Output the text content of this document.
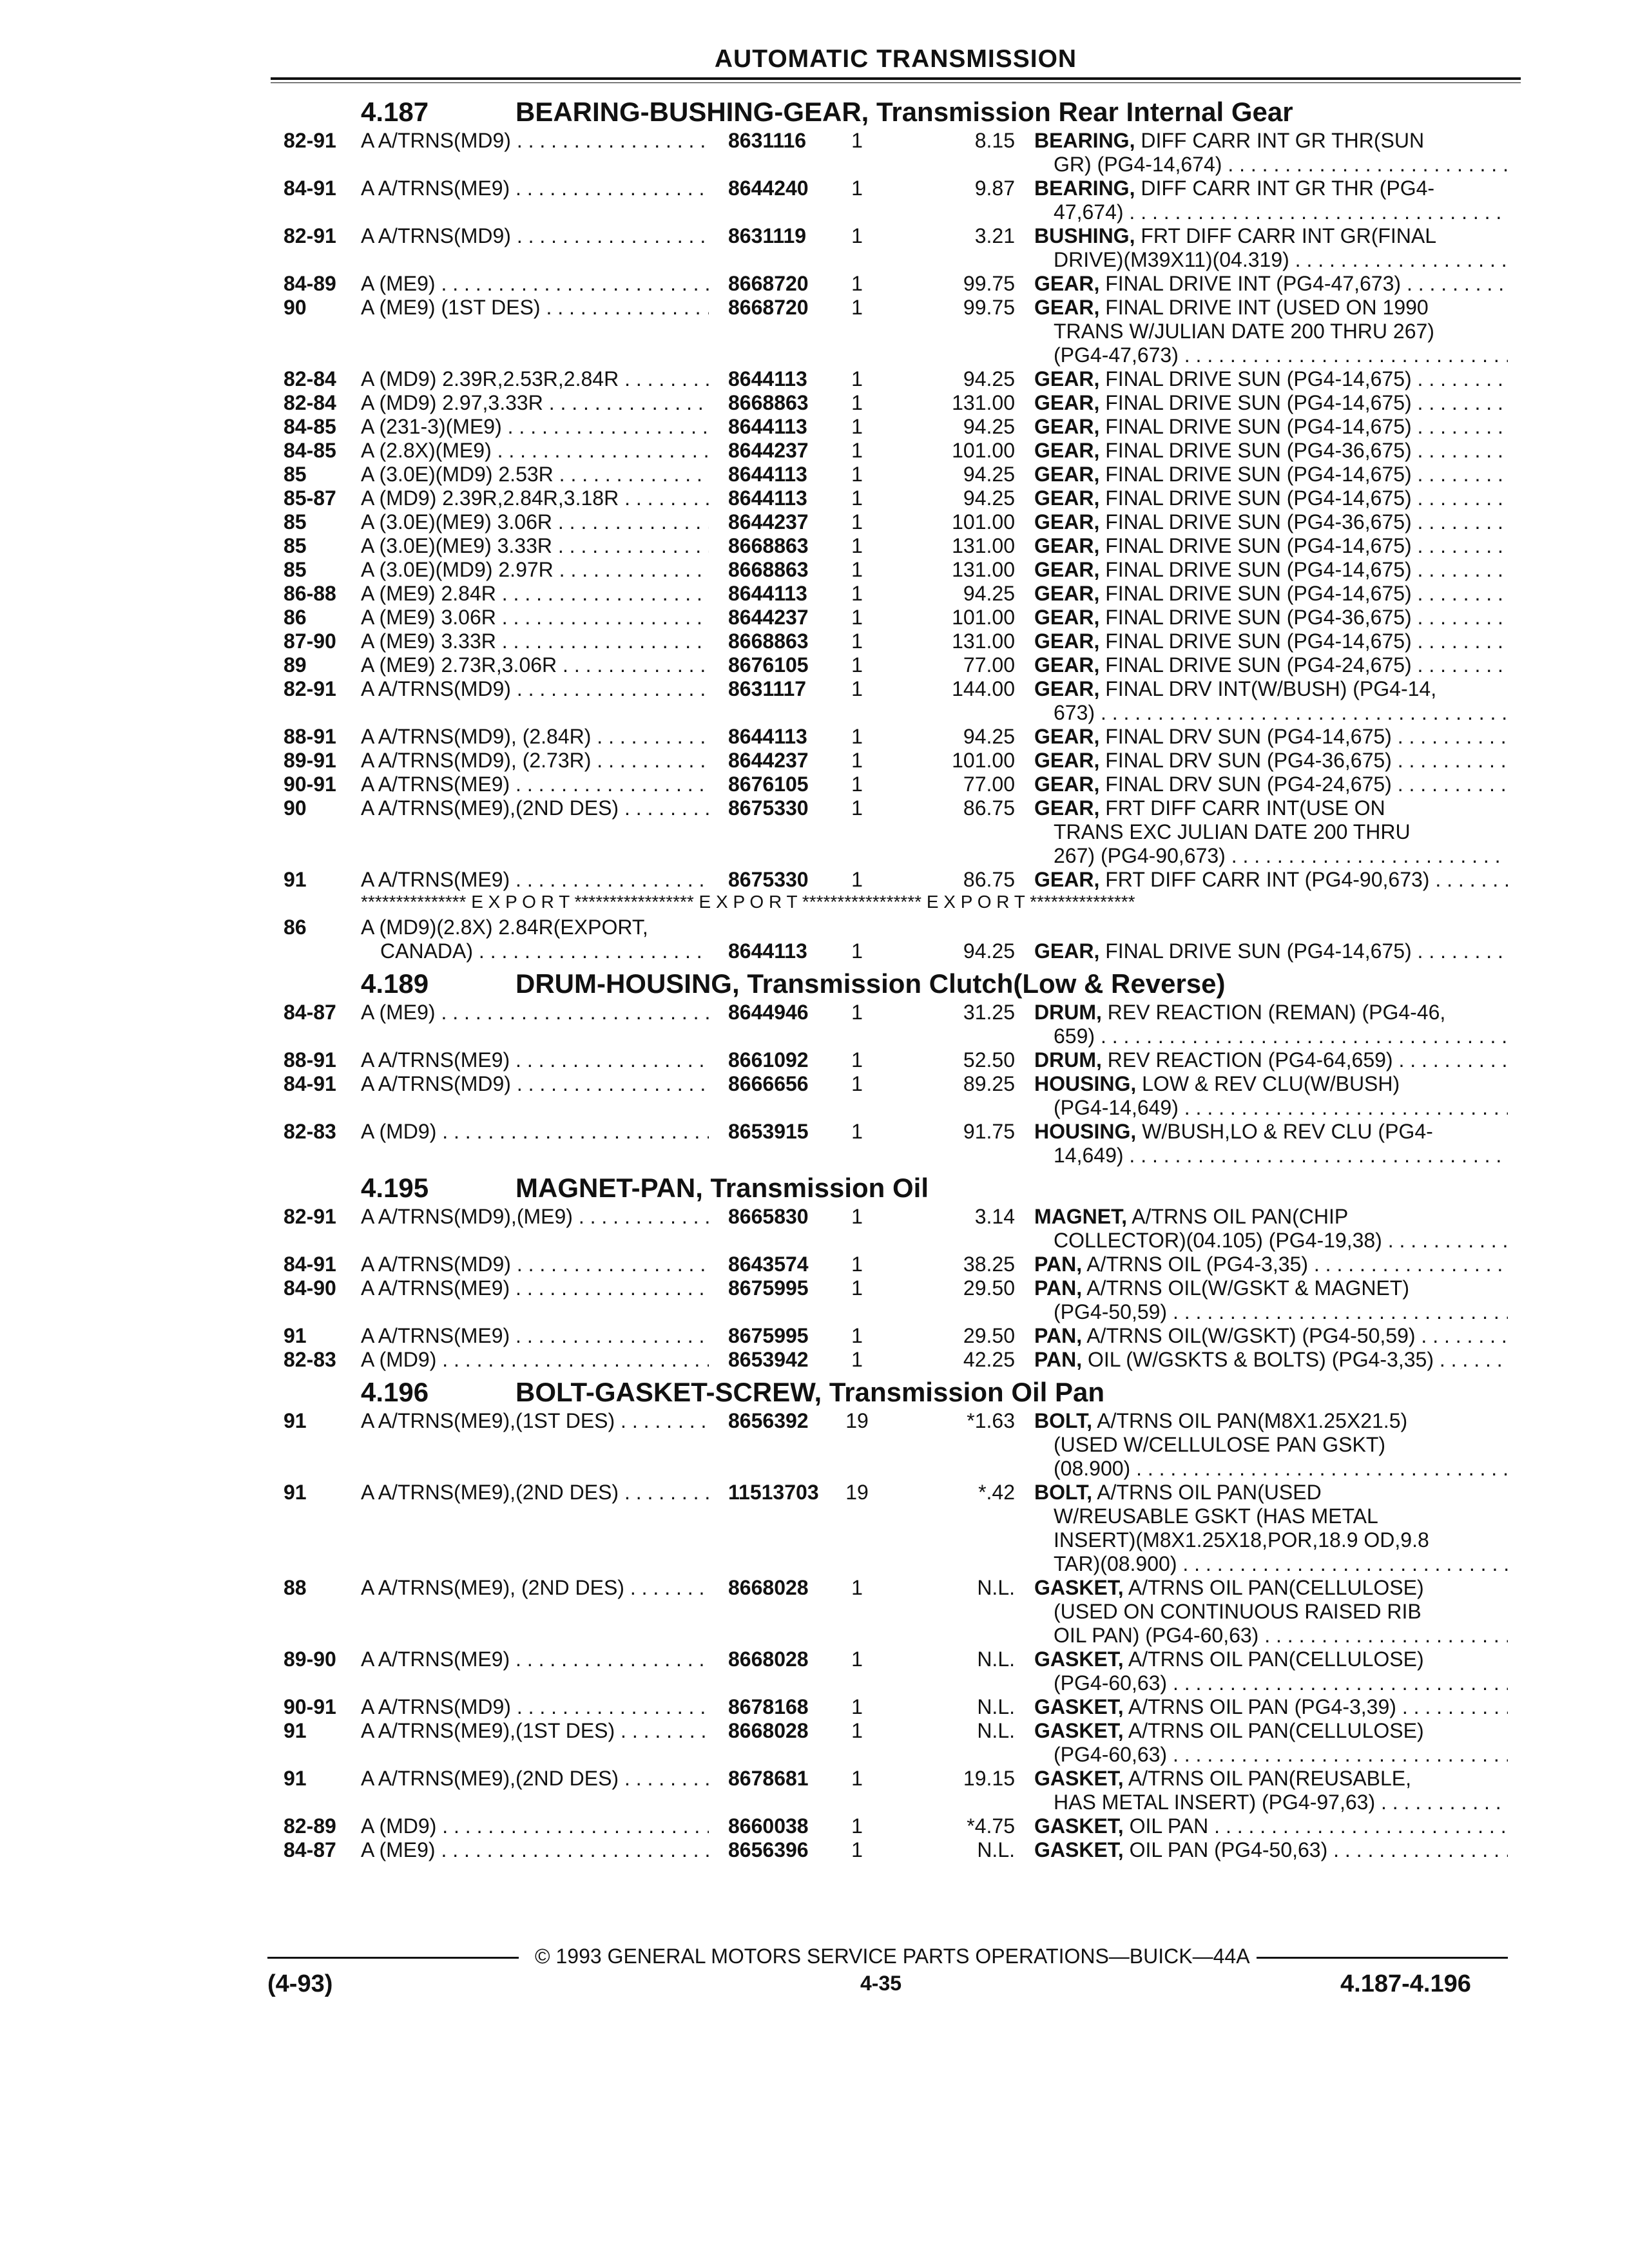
AUTOMATIC TRANSMISSION
4.187	BEARING-BUSHING-GEAR, Transmission Rear Internal Gear
82-91 A A/TRNS(MD9) . . .	8631116	1	8.15 BEARING, DIFF CARR INT GR THR(SUN
GR) (PG4-14,674) . . .
84-91 A A/TRNS(ME9) . . .	8644240	1	9.87 BEARING, DIFF CARR INT GR THR (PG4-
47,674) . . .
82-91 A A/TRNS(MD9) . . .	8631119	1	3.21 BUSHING, FRT DIFF CARR INT GR(FINAL
DRIVE)(M39X11)(04.319) . . .
84-89 A (ME9) . . .	8668720	1	99.75 GEAR, FINAL DRIVE INT (PG4-47,673) . . .
90	A (ME9) (1ST DES) . . .	8668720	1	99.75 GEAR, FINAL DRIVE INT (USED ON 1990
TRANS W/JULIAN DATE 200 THRU 267)
(PG4-47,673) . . .
82-84 A (MD9) 2.39R,2.53R,2.84R . . .	8644113	1	94.25 GEAR, FINAL DRIVE SUN (PG4-14,675) . . .
82-84 A (MD9) 2.97,3.33R . . .	8668863	1	131.00 GEAR, FINAL DRIVE SUN (PG4-14,675) . . .
84-85 A (231-3)(ME9) . . .	8644113	1	94.25 GEAR, FINAL DRIVE SUN (PG4-14,675) . . .
84-85 A (2.8X)(ME9) . . .	8644237	1	101.00 GEAR, FINAL DRIVE SUN (PG4-36,675) . . .
85	A (3.0E)(MD9) 2.53R . . .	8644113	1	94.25 GEAR, FINAL DRIVE SUN (PG4-14,675) . . .
85-87 A (MD9) 2.39R,2.84R,3.18R . . .	8644113	1	94.25 GEAR, FINAL DRIVE SUN (PG4-14,675) . . .
85	A (3.0E)(ME9) 3.06R . . .	8644237	1	101.00 GEAR, FINAL DRIVE SUN (PG4-36,675) . . .
85	A (3.0E)(ME9) 3.33R . . .	8668863	1	131.00 GEAR, FINAL DRIVE SUN (PG4-14,675) . . .
85	A (3.0E)(MD9) 2.97R . . .	8668863	1	131.00 GEAR, FINAL DRIVE SUN (PG4-14,675) . . .
86-88 A (ME9) 2.84R . . .	8644113	1	94.25 GEAR, FINAL DRIVE SUN (PG4-14,675) . . .
86	A (ME9) 3.06R . . .	8644237	1	101.00 GEAR, FINAL DRIVE SUN (PG4-36,675) . . .
87-90 A (ME9) 3.33R . . .	8668863	1	131.00 GEAR, FINAL DRIVE SUN (PG4-14,675) . . .
89	A (ME9) 2.73R,3.06R . . .	8676105	1	77.00 GEAR, FINAL DRIVE SUN (PG4-24,675) . . .
82-91 A A/TRNS(MD9) . . .	8631117	1	144.00 GEAR, FINAL DRV INT(W/BUSH) (PG4-14,
673) . . .
88-91 A A/TRNS(MD9), (2.84R) . . .	8644113	1	94.25 GEAR, FINAL DRV SUN (PG4-14,675) . . .
89-91 A A/TRNS(MD9), (2.73R) . . .	8644237	1	101.00 GEAR, FINAL DRV SUN (PG4-36,675) . . .
90-91 A A/TRNS(ME9) . . .	8676105	1	77.00 GEAR, FINAL DRV SUN (PG4-24,675) . . .
90	A A/TRNS(ME9),(2ND DES) . . .	8675330	1	86.75 GEAR, FRT DIFF CARR INT(USE ON
TRANS EXC JULIAN DATE 200 THRU
267) (PG4-90,673) . . .
91	A A/TRNS(ME9) . . .	8675330	1	86.75 GEAR, FRT DIFF CARR INT (PG4-90,673) . . .
*************** E X P O R T ***************** E X P O R T ***************** E X P O R T ***************
86	A (MD9)(2.8X) 2.84R(EXPORT,
CANADA) . . .	8644113	1	94.25 GEAR, FINAL DRIVE SUN (PG4-14,675) . . .
4.189	DRUM-HOUSING, Transmission Clutch(Low & Reverse)
84-87 A (ME9) . . .	8644946	1	31.25 DRUM, REV REACTION (REMAN) (PG4-46,
659) . . .
88-91 A A/TRNS(ME9) . . .	8661092	1	52.50 DRUM, REV REACTION (PG4-64,659) . . .
84-91 A A/TRNS(MD9) . . .	8666656	1	89.25 HOUSING, LOW & REV CLU(W/BUSH)
(PG4-14,649) . . .
82-83 A (MD9) . . .	8653915	1	91.75 HOUSING, W/BUSH,LO & REV CLU (PG4-
14,649) . . .
4.195	MAGNET-PAN, Transmission Oil
82-91 A A/TRNS(MD9),(ME9) . . .	8665830	1	3.14 MAGNET, A/TRNS OIL PAN(CHIP
COLLECTOR)(04.105) (PG4-19,38) . . .
84-91 A A/TRNS(MD9) . . .	8643574	1	38.25 PAN, A/TRNS OIL (PG4-3,35) . . .
84-90 A A/TRNS(ME9) . . .	8675995	1	29.50 PAN, A/TRNS OIL(W/GSKT & MAGNET)
(PG4-50,59) . . .
91	A A/TRNS(ME9) . . .	8675995	1	29.50 PAN, A/TRNS OIL(W/GSKT) (PG4-50,59) . . .
82-83 A (MD9) . . .	8653942	1	42.25 PAN, OIL (W/GSKTS & BOLTS) (PG4-3,35) . . .
4.196	BOLT-GASKET-SCREW, Transmission Oil Pan
91	A A/TRNS(ME9),(1ST DES) . . .	8656392	19	*1.63 BOLT, A/TRNS OIL PAN(M8X1.25X21.5)
(USED W/CELLULOSE PAN GSKT)
(08.900) . . .
91	A A/TRNS(ME9),(2ND DES) . . .	11513703	19	*.42 BOLT, A/TRNS OIL PAN(USED
W/REUSABLE GSKT (HAS METAL
INSERT)(M8X1.25X18,POR,18.9 OD,9.8
TAR)(08.900) . . .
88	A A/TRNS(ME9), (2ND DES) . . .	8668028	1	N.L. GASKET, A/TRNS OIL PAN(CELLULOSE)
(USED ON CONTINUOUS RAISED RIB
OIL PAN) (PG4-60,63) . . .
89-90 A A/TRNS(ME9) . . .	8668028	1	N.L. GASKET, A/TRNS OIL PAN(CELLULOSE)
(PG4-60,63) . . .
90-91 A A/TRNS(MD9) . . .	8678168	1	N.L. GASKET, A/TRNS OIL PAN (PG4-3,39) . . .
91	A A/TRNS(ME9),(1ST DES) . . .	8668028	1	N.L. GASKET, A/TRNS OIL PAN(CELLULOSE)
(PG4-60,63) . . .
91	A A/TRNS(ME9),(2ND DES) . . .	8678681	1	19.15 GASKET, A/TRNS OIL PAN(REUSABLE,
HAS METAL INSERT) (PG4-97,63) . . .
82-89 A (MD9) . . .	8660038	1	*4.75 GASKET, OIL PAN . . .
84-87 A (ME9) . . .	8656396	1	N.L. GASKET, OIL PAN (PG4-50,63) . . .
© 1993 GENERAL MOTORS SERVICE PARTS OPERATIONS—BUICK—44A
(4-93)	4-35	4.187-4.196
